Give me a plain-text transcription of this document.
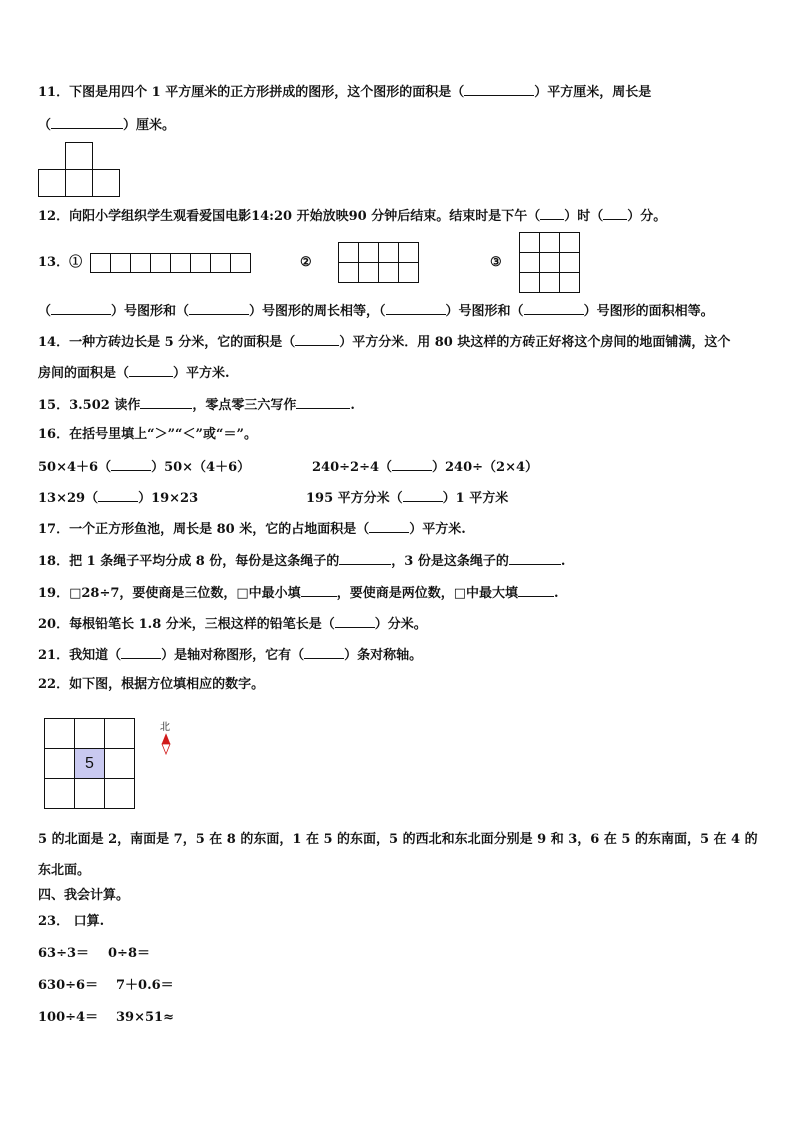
11．下图是用四个 1 平方厘米的正方形拼成的图形，这个图形的面积是（	）平方厘米，周长是
（	）厘米。
12．向阳小学组织学生观看爱国电影14:20 开始放映90 分钟后结束。结束时是下午（ ）时（ ）分。
13．①	②	③
（	）号图形和（	）号图形的周长相等，（	）号图形和（	）号图形的面积相等。
14．一种方砖边长是 5 分米，它的面积是（	）平方分米．用 80 块这样的方砖正好将这个房间的地面铺满，这个
房间的面积是（	）平方米.
15．3.502 读作	，零点零三六写作	.
16．在括号里填上“＞”“＜”或“＝”。
50×4＋6（	）50×（4＋6）	240÷2÷4（	）240÷（2×4）
13×29（	）19×23	195 平方分米（	）1 平方米
17．一个正方形鱼池，周长是 80 米，它的占地面积是（	）平方米.
18．把 1 条绳子平均分成 8 份，每份是这条绳子的	，3 份是这条绳子的	.
19．□28÷7，要使商是三位数，□中最小填	，要使商是两位数，□中最大填	.
20．每根铅笔长 1.8 分米，三根这样的铅笔长是（	）分米。
21．我知道（	）是轴对称图形，它有（	）条对称轴。
22．如下图，根据方位填相应的数字。
5
北
5 的北面是 2，南面是 7，5 在 8 的东面，1 在 5 的东面，5 的西北和东北面分别是 9 和 3，6 在 5 的东南面，5 在 4 的
东北面。
四、我会计算。
23． 口算.
63÷3＝ 0÷8＝
630÷6＝ 7＋0.6＝
100÷4＝ 39×51≈
